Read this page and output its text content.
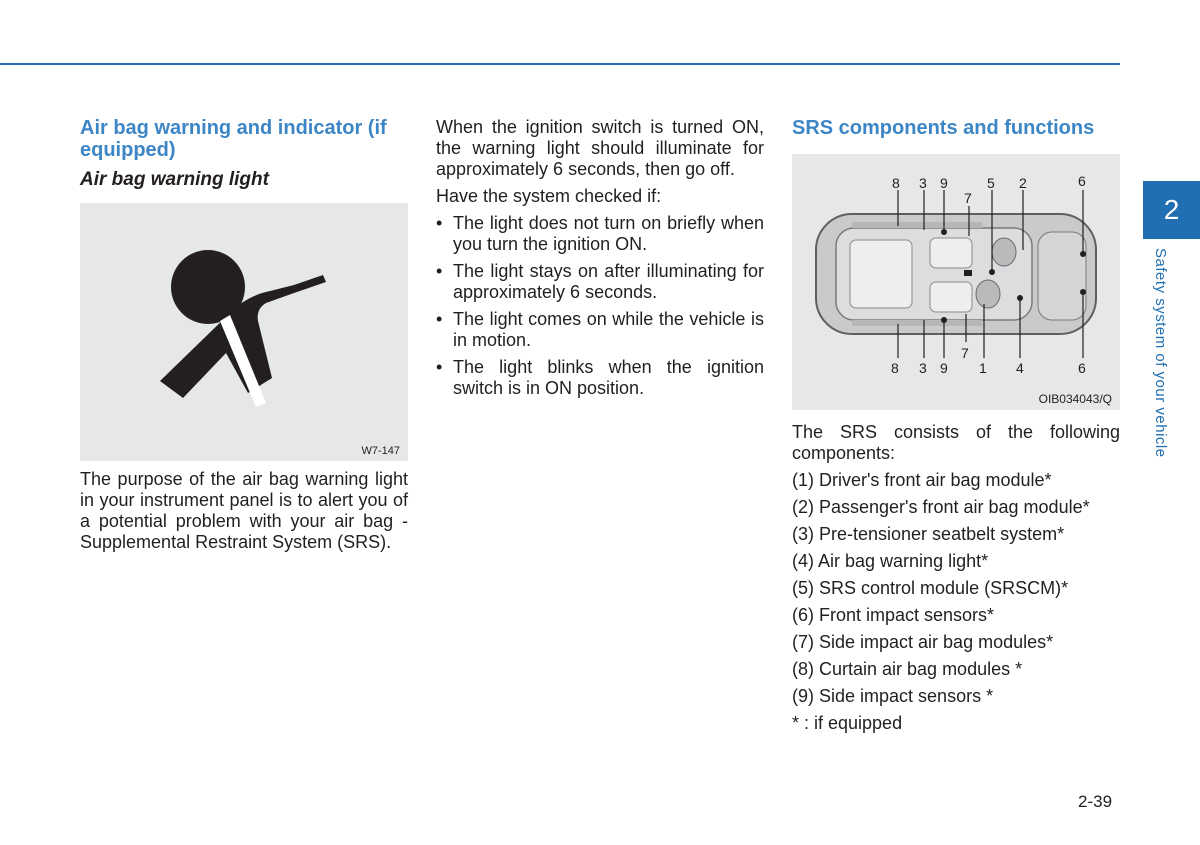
Air bag warning and indicator (if equipped)
Air bag warning light
W7-147

The purpose of the air bag warning light in your instrument panel is to alert you of a potential problem with your air bag - Supplemental Restraint System (SRS).

When the ignition switch is turned ON, the warning light should illuminate for approximately 6 seconds, then go off.

Have the system checked if:

• The light does not turn on briefly when you turn the ignition ON.
• The light stays on after illuminating for approximately 6 seconds.
• The light comes on while the vehicle is in motion.
• The light blinks when the ignition switch is in ON position.
SRS components and functions
8 3 9
7
5 2	6
8 3 9
7
1 4	6
OIB034043/Q

The SRS consists of the following components:

(1) Driver's front air bag module*
(2) Passenger's front air bag module*
(3) Pre-tensioner seatbelt system*
(4) Air bag warning light*
(5) SRS control module (SRSCM)*
(6) Front impact sensors*
(7) Side impact air bag modules*
(8) Curtain air bag modules *
(9) Side impact sensors *
* : if equipped
2
Safety system of your vehicle
2-39
